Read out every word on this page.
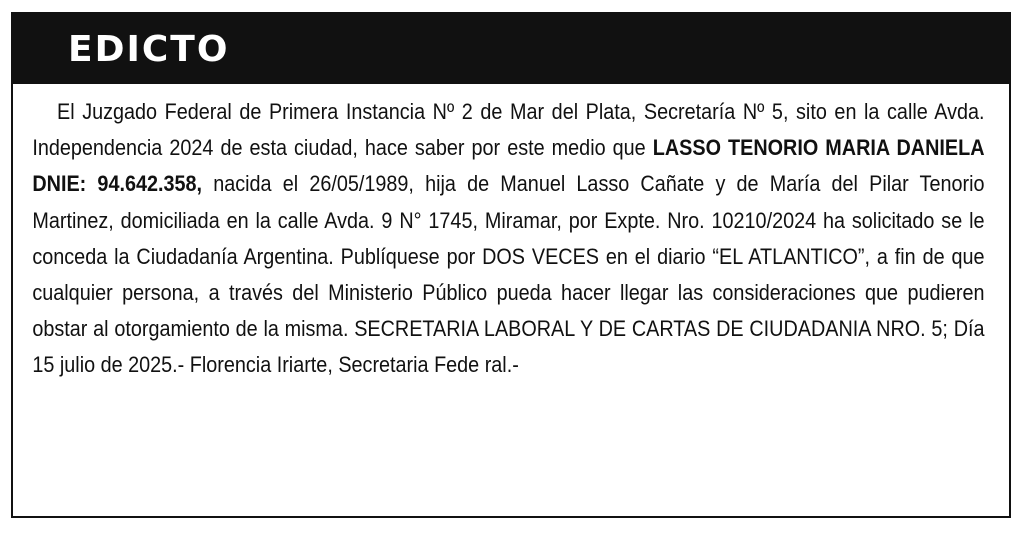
EDICTO

El Juzgado Federal de Primera Instancia Nº 2 de Mar del Plata, Secretaría Nº 5, sito en la calle Avda. Independencia 2024 de esta ciudad, hace saber por este medio que LASSO TENORIO MARIA DANIELA DNIE: 94.642.358, nacida el 26/05/1989, hija de Manuel Lasso Cañate y de María del Pilar Tenorio Martinez, domiciliada en la calle Avda. 9 N° 1745, Miramar, por Expte. Nro. 10210/2024 ha solicitado se le conceda la Ciudadanía Argentina. Publíquese por DOS VECES en el diario “EL ATLANTICO”, a fin de que cualquier persona, a través del Ministerio Público pueda hacer llegar las consideraciones que pudieren obstar al otorgamiento de la misma. SECRETARIA LABORAL Y DE CARTAS DE CIUDADANIA NRO. 5; Día 15 julio de 2025.- Florencia Iriarte, Secretaria Fede ral.-
